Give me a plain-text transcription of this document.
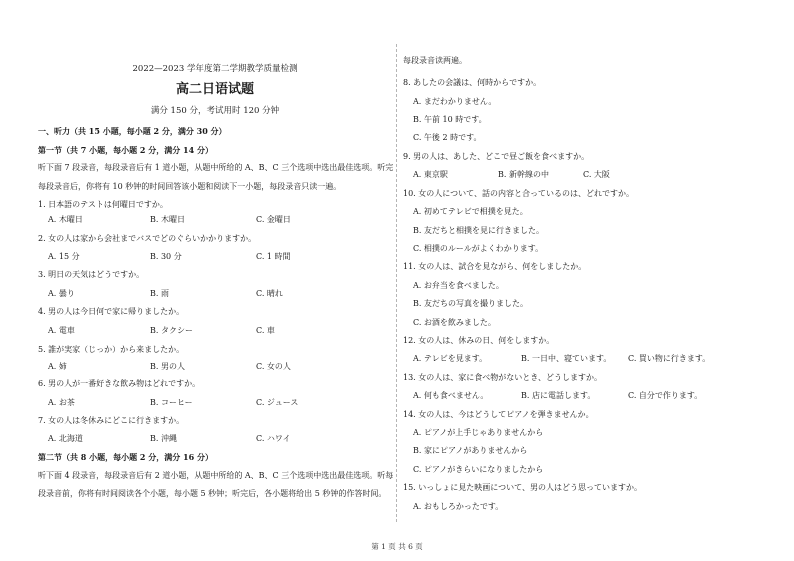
2022—2023 学年度第二学期教学质量检测
高二日语试题
满分 150 分，考试用时 120 分钟
一、听力（共 15 小题，每小题 2 分，满分 30 分）
第一节（共 7 小题，每小题 2 分，满分 14 分）
听下面 7 段录音，每段录音后有 1 道小题，从题中所给的 A、B、C 三个选项中选出最佳选项。听完
每段录音后，你将有 10 秒钟的时间回答该小题和阅读下一小题，每段录音只读一遍。
1. 日本語のテストは何曜日ですか。
A. 木曜日	B. 木曜日	C. 金曜日
2. 女の人は家から会社までバスでどのぐらいかかりますか。
A. 15 分	B. 30 分	C. 1 時間
3. 明日の天気はどうですか。
A. 曇り	B. 雨	C. 晴れ
4. 男の人は今日何で家に帰りましたか。
A. 電車	B. タクシー	C. 車
5. 誰が実家（じっか）から来ましたか。
A. 姉	B. 男の人	C. 女の人
6. 男の人が一番好きな飲み物はどれですか。
A. お茶	B. コーヒー	C. ジュース
7. 女の人は冬休みにどこに行きますか。
A. 北海道	B. 沖縄	C. ハワイ
第二节（共 8 小题，每小题 2 分，满分 16 分）
听下面 4 段录音，每段录音后有 2 道小题，从题中所给的 A、B、C 三个选项中选出最佳选项。听每
段录音前，你将有时间阅读各个小题，每小题 5 秒钟；听完后，各小题将给出 5 秒钟的作答时间。
每段录音读两遍。
8. あしたの会議は、何時からですか。
A. まだわかりません。
B. 午前 10 時です。
C. 午後 2 時です。
9. 男の人は、あした、どこで昼ご飯を食べますか。
A. 東京駅	B. 新幹線の中	C. 大阪
10. 女の人について、話の内容と合っているのは、どれですか。
A. 初めてテレビで相撲を見た。
B. 友だちと相撲を見に行きました。
C. 相撲のルールがよくわかります。
11. 女の人は、試合を見ながら、何をしましたか。
A. お弁当を食べました。
B. 友だちの写真を撮りました。
C. お酒を飲みました。
12. 女の人は、休みの日、何をしますか。
A. テレビを見ます。	B. 一日中、寝ています。 C. 買い物に行きます。
13. 女の人は、家に食べ物がないとき、どうしますか。
A. 何も食べません。	B. 店に電話します。	C. 自分で作ります。
14. 女の人は、今はどうしてピアノを弾きませんか。
A. ピアノが上手じゃありませんから
B. 家にピアノがありませんから
C. ピアノがきらいになりましたから
15. いっしょに見た映画について、男の人はどう思っていますか。
A. おもしろかったです。
第 1 页 共 6 页
